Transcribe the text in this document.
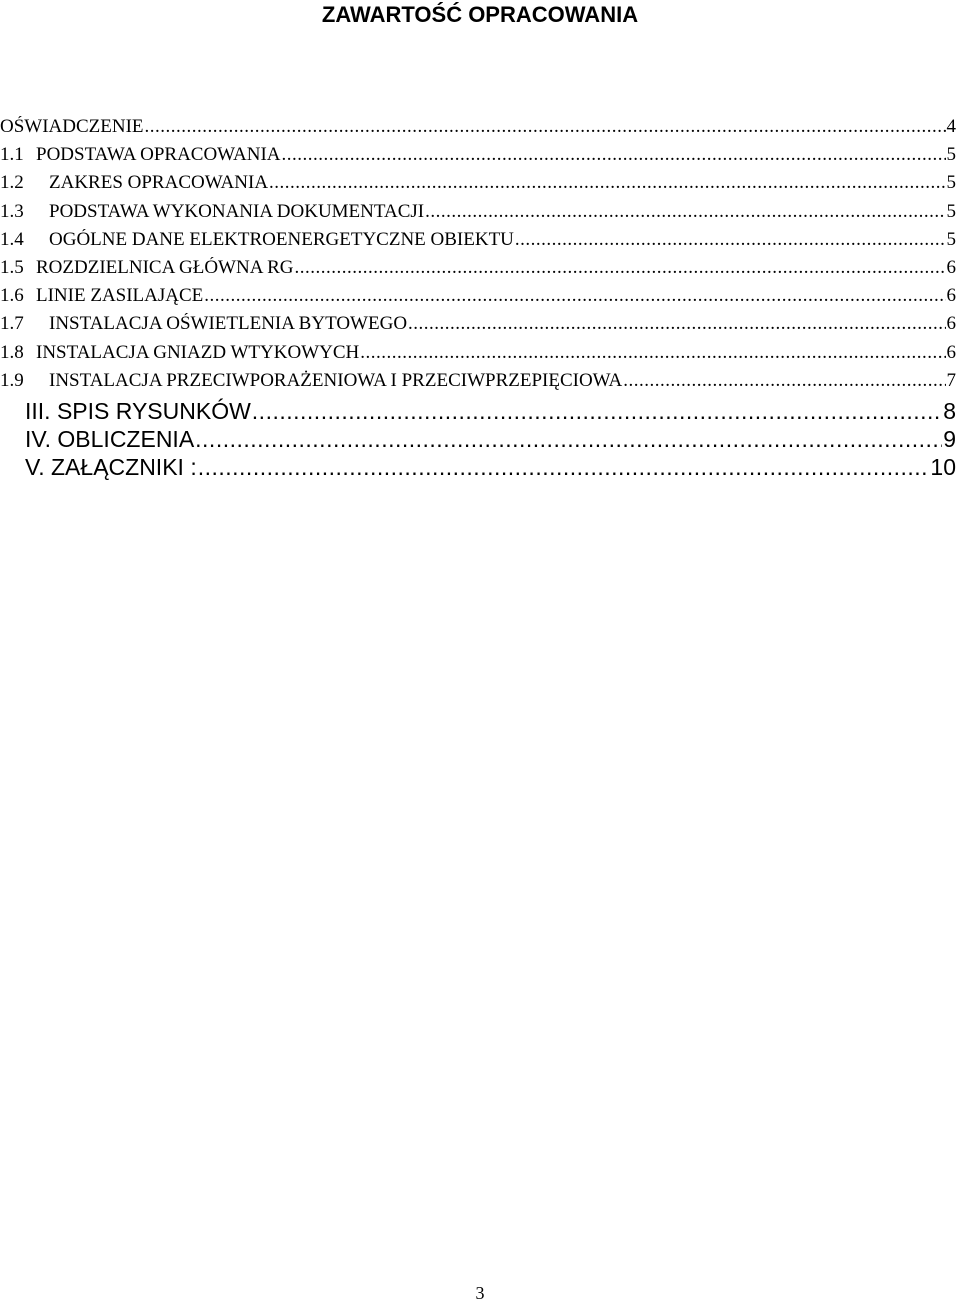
ZAWARTOŚĆ OPRACOWANIA
OŚWIADCZENIE .....	4
1.1 PODSTAWA OPRACOWANIA .....	5
1.2 ZAKRES OPRACOWANIA .....	5
1.3 PODSTAWA WYKONANIA DOKUMENTACJI .....	5
1.4 OGÓLNE DANE ELEKTROENERGETYCZNE OBIEKTU .....	5
1.5 ROZDZIELNICA GŁÓWNA RG .....	6
1.6 LINIE ZASILAJĄCE .....	6
1.7 INSTALACJA OŚWIETLENIA BYTOWEGO .....	6
1.8 INSTALACJA GNIAZD WTYKOWYCH .....	6
1.9 INSTALACJA PRZECIWPORAŻENIOWA I PRZECIWPRZEPIĘCIOWA .....	7
III. SPIS RYSUNKÓW .....	8
IV. OBLICZENIA .....	9
V. ZAŁĄCZNIKI : .....	10
3
